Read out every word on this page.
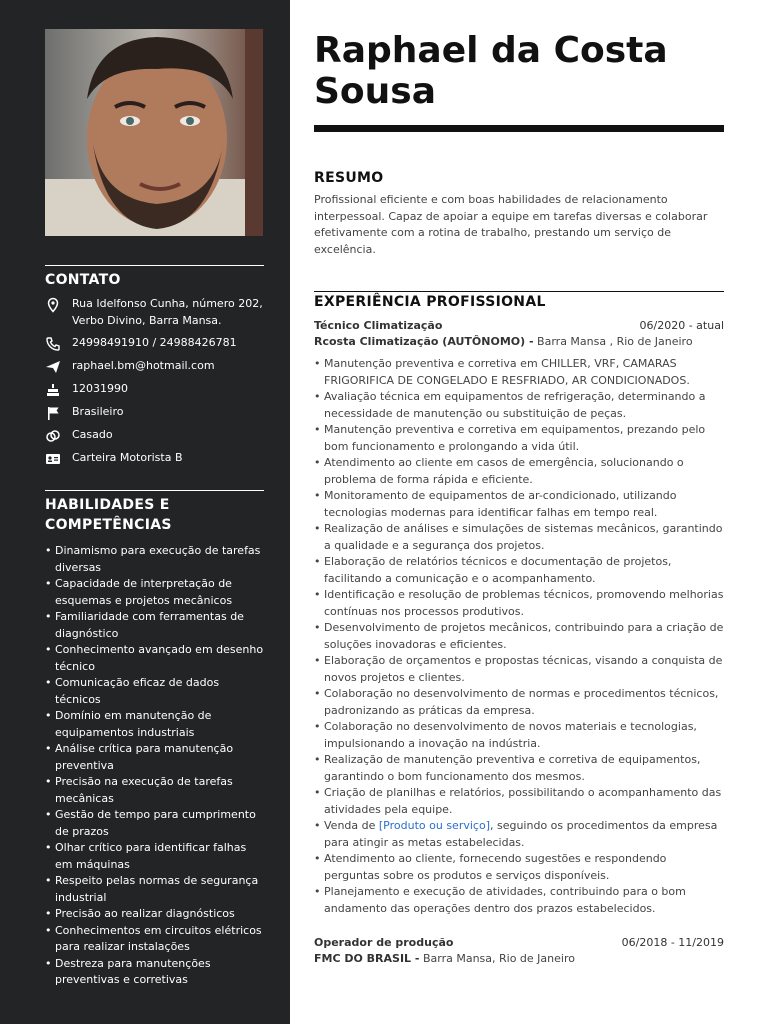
CONTATO
Rua Idelfonso Cunha, número 202, Verbo Divino, Barra Mansa.
24998491910 / 24988426781
raphael.bm@hotmail.com
12031990
Brasileiro
Casado
Carteira Motorista B
HABILIDADES E COMPETÊNCIAS
• Dinamismo para execução de tarefas diversas
• Capacidade de interpretação de esquemas e projetos mecânicos
• Familiaridade com ferramentas de diagnóstico
• Conhecimento avançado em desenho técnico
• Comunicação eficaz de dados técnicos
• Domínio em manutenção de equipamentos industriais
• Análise crítica para manutenção preventiva
• Precisão na execução de tarefas mecânicas
• Gestão de tempo para cumprimento de prazos
• Olhar crítico para identificar falhas em máquinas
• Respeito pelas normas de segurança industrial
• Precisão ao realizar diagnósticos
• Conhecimentos em circuitos elétricos para realizar instalações
• Destreza para manutenções preventivas e corretivas
Raphael da Costa Sousa
RESUMO

Profissional eficiente e com boas habilidades de relacionamento interpessoal. Capaz de apoiar a equipe em tarefas diversas e colaborar efetivamente com a rotina de trabalho, prestando um serviço de excelência.

EXPERIÊNCIA PROFISSIONAL
Técnico Climatização	06/2020 - atual
Rcosta Climatização (AUTÔNOMO) - Barra Mansa , Rio de Janeiro
• Manutenção preventiva e corretiva em CHILLER, VRF, CAMARAS FRIGORIFICA DE CONGELADO E RESFRIADO, AR CONDICIONADOS.
• Avaliação técnica em equipamentos de refrigeração, determinando a necessidade de manutenção ou substituição de peças.
• Manutenção preventiva e corretiva em equipamentos, prezando pelo bom funcionamento e prolongando a vida útil.
• Atendimento ao cliente em casos de emergência, solucionando o problema de forma rápida e eficiente.
• Monitoramento de equipamentos de ar-condicionado, utilizando tecnologias modernas para identificar falhas em tempo real.
• Realização de análises e simulações de sistemas mecânicos, garantindo a qualidade e a segurança dos projetos.
• Elaboração de relatórios técnicos e documentação de projetos, facilitando a comunicação e o acompanhamento.
• Identificação e resolução de problemas técnicos, promovendo melhorias contínuas nos processos produtivos.
• Desenvolvimento de projetos mecânicos, contribuindo para a criação de soluções inovadoras e eficientes.
• Elaboração de orçamentos e propostas técnicas, visando a conquista de novos projetos e clientes.
• Colaboração no desenvolvimento de normas e procedimentos técnicos, padronizando as práticas da empresa.
• Colaboração no desenvolvimento de novos materiais e tecnologias, impulsionando a inovação na indústria.
• Realização de manutenção preventiva e corretiva de equipamentos, garantindo o bom funcionamento dos mesmos.
• Criação de planilhas e relatórios, possibilitando o acompanhamento das atividades pela equipe.
• Venda de [Produto ou serviço], seguindo os procedimentos da empresa para atingir as metas estabelecidas.
• Atendimento ao cliente, fornecendo sugestões e respondendo perguntas sobre os produtos e serviços disponíveis.
• Planejamento e execução de atividades, contribuindo para o bom andamento das operações dentro dos prazos estabelecidos.
Operador de produção	06/2018 - 11/2019
FMC DO BRASIL - Barra Mansa, Rio de Janeiro
